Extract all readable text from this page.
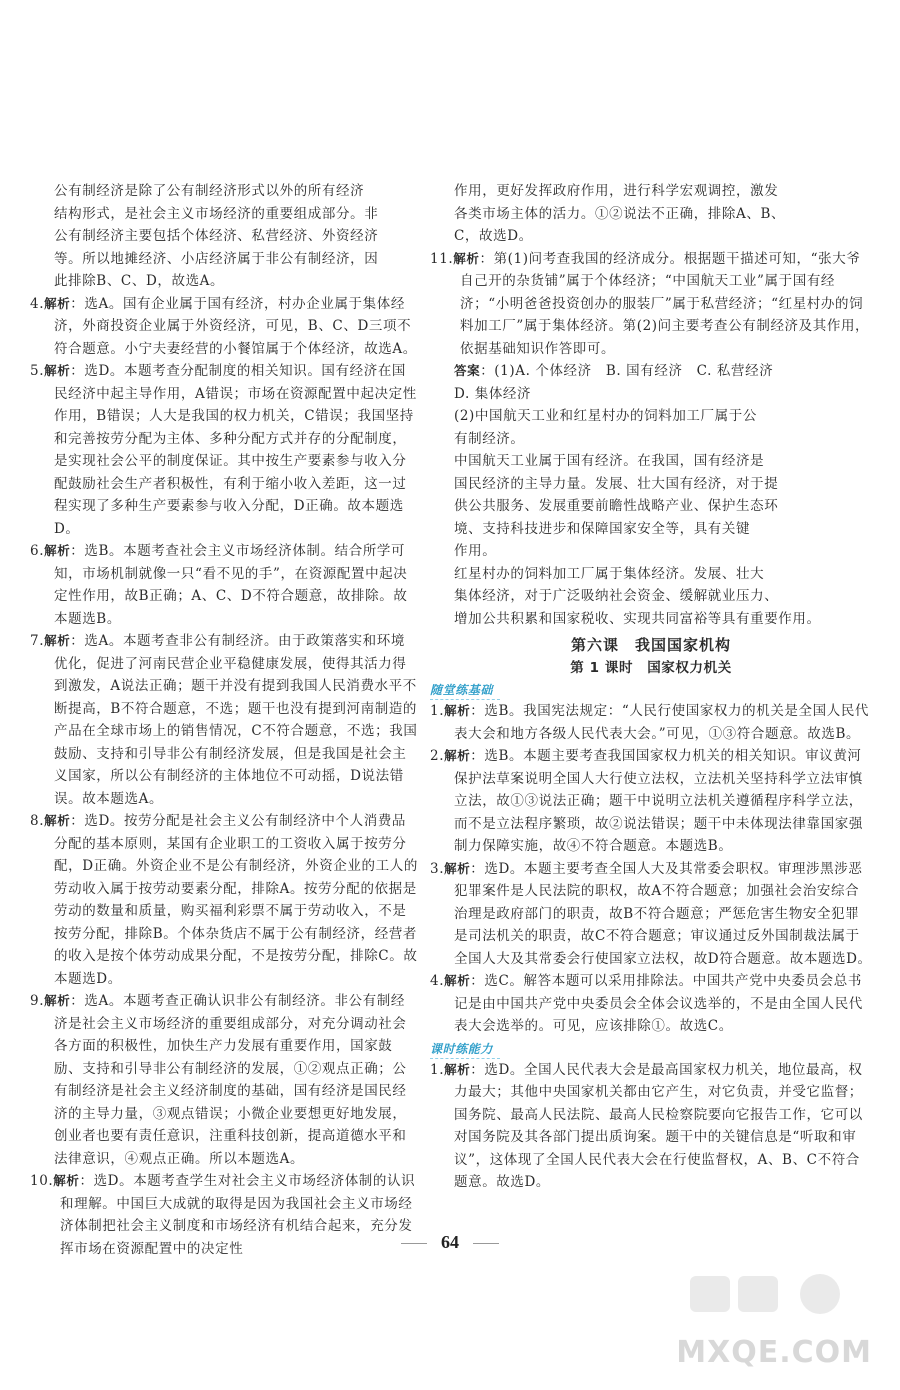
公有制经济是除了公有制经济形式以外的所有经济

结构形式，是社会主义市场经济的重要组成部分。非

公有制经济主要包括个体经济、私营经济、外资经济

等。所以地摊经济、小店经济属于非公有制经济，因

此排除B、C、D，故选A。

4.解析：选A。国有企业属于国有经济，村办企业属于集体经济，外商投资企业属于外资经济，可见，B、C、D三项不符合题意。小宁夫妻经营的小餐馆属于个体经济，故选A。

5.解析：选D。本题考查分配制度的相关知识。国有经济在国民经济中起主导作用，A错误；市场在资源配置中起决定性作用，B错误；人大是我国的权力机关，C错误；我国坚持和完善按劳分配为主体、多种分配方式并存的分配制度，是实现社会公平的制度保证。其中按生产要素参与收入分配鼓励社会生产者积极性，有利于缩小收入差距，这一过程实现了多种生产要素参与收入分配，D正确。故本题选D。

6.解析：选B。本题考查社会主义市场经济体制。结合所学可知，市场机制就像一只“看不见的手”，在资源配置中起决定性作用，故B正确；A、C、D不符合题意，故排除。故本题选B。

7.解析：选A。本题考查非公有制经济。由于政策落实和环境优化，促进了河南民营企业平稳健康发展，使得其活力得到激发，A说法正确；题干并没有提到我国人民消费水平不断提高，B不符合题意，不选；题干也没有提到河南制造的产品在全球市场上的销售情况，C不符合题意，不选；我国鼓励、支持和引导非公有制经济发展，但是我国是社会主义国家，所以公有制经济的主体地位不可动摇，D说法错误。故本题选A。

8.解析：选D。按劳分配是社会主义公有制经济中个人消费品分配的基本原则，某国有企业职工的工资收入属于按劳分配，D正确。外资企业不是公有制经济，外资企业的工人的劳动收入属于按劳动要素分配，排除A。按劳分配的依据是劳动的数量和质量，购买福利彩票不属于劳动收入，不是按劳分配，排除B。个体杂货店不属于公有制经济，经营者的收入是按个体劳动成果分配，不是按劳分配，排除C。故本题选D。

9.解析：选A。本题考查正确认识非公有制经济。非公有制经济是社会主义市场经济的重要组成部分，对充分调动社会各方面的积极性，加快生产力发展有重要作用，国家鼓励、支持和引导非公有制经济的发展，①②观点正确；公有制经济是社会主义经济制度的基础，国有经济是国民经济的主导力量，③观点错误；小微企业要想更好地发展，创业者也要有责任意识，注重科技创新，提高道德水平和法律意识，④观点正确。所以本题选A。

10.解析：选D。本题考查学生对社会主义市场经济体制的认识和理解。中国巨大成就的取得是因为我国社会主义市场经济体制把社会主义制度和市场经济有机结合起来，充分发挥市场在资源配置中的决定性

作用，更好发挥政府作用，进行科学宏观调控，激发

各类市场主体的活力。①②说法不正确，排除A、B、

C，故选D。

11.解析：第(1)问考查我国的经济成分。根据题干描述可知，“张大爷自己开的杂货铺”属于个体经济；“中国航天工业”属于国有经济；“小明爸爸投资创办的服装厂”属于私营经济；“红星村办的饲料加工厂”属于集体经济。第(2)问主要考查公有制经济及其作用，依据基础知识作答即可。

答案：(1)A. 个体经济　B. 国有经济　C. 私营经济

D. 集体经济

(2)中国航天工业和红星村办的饲料加工厂属于公

有制经济。

中国航天工业属于国有经济。在我国，国有经济是

国民经济的主导力量。发展、壮大国有经济，对于提

供公共服务、发展重要前瞻性战略产业、保护生态环

境、支持科技进步和保障国家安全等，具有关键

作用。

红星村办的饲料加工厂属于集体经济。发展、壮大

集体经济，对于广泛吸纳社会资金、缓解就业压力、

增加公共积累和国家税收、实现共同富裕等具有重要作用。

第六课　我国国家机构

第 1 课时　国家权力机关

随堂练基础

1.解析：选B。我国宪法规定：“人民行使国家权力的机关是全国人民代表大会和地方各级人民代表大会。”可见，①③符合题意。故选B。

2.解析：选B。本题主要考查我国国家权力机关的相关知识。审议黄河保护法草案说明全国人大行使立法权，立法机关坚持科学立法审慎立法，故①③说法正确；题干中说明立法机关遵循程序科学立法，而不是立法程序繁琐，故②说法错误；题干中未体现法律靠国家强制力保障实施，故④不符合题意。本题选B。

3.解析：选D。本题主要考查全国人大及其常委会职权。审理涉黑涉恶犯罪案件是人民法院的职权，故A不符合题意；加强社会治安综合治理是政府部门的职责，故B不符合题意；严惩危害生物安全犯罪是司法机关的职责，故C不符合题意；审议通过反外国制裁法属于全国人大及其常委会行使国家立法权，故D符合题意。故本题选D。

4.解析：选C。解答本题可以采用排除法。中国共产党中央委员会总书记是由中国共产党中央委员会全体会议选举的，不是由全国人民代表大会选举的。可见，应该排除①。故选C。

课时练能力

1.解析：选D。全国人民代表大会是最高国家权力机关，地位最高，权力最大；其他中央国家机关都由它产生，对它负责，并受它监督；国务院、最高人民法院、最高人民检察院要向它报告工作，它可以对国务院及其各部门提出质询案。题干中的关键信息是“听取和审议”，这体现了全国人民代表大会在行使监督权，A、B、C不符合题意。故选D。

64
MXQE.COM
